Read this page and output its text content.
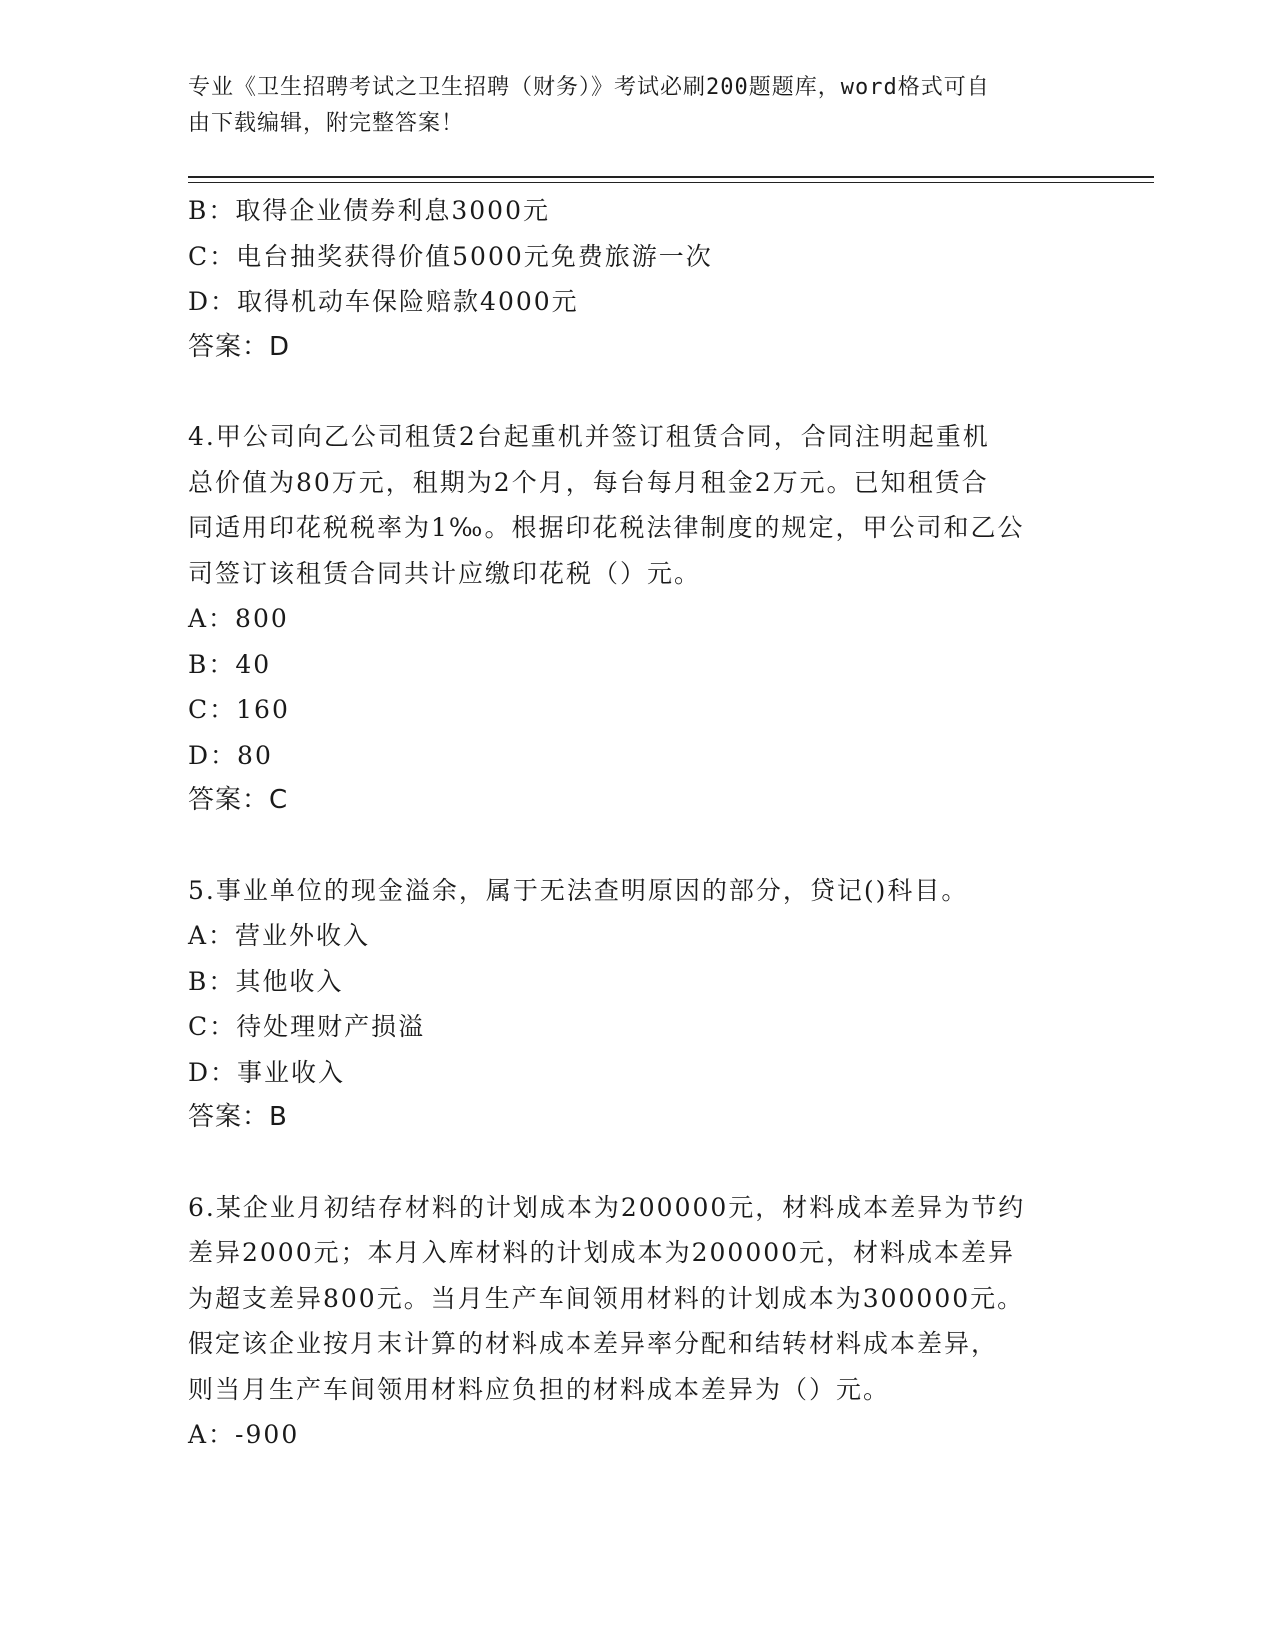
专业《卫生招聘考试之卫生招聘（财务）》考试必刷200题题库，word格式可自
由下载编辑，附完整答案！
B：取得企业债券利息3000元
C：电台抽奖获得价值5000元免费旅游一次
D：取得机动车保险赔款4000元
答案：D
4.甲公司向乙公司租赁2台起重机并签订租赁合同，合同注明起重机
总价值为80万元，租期为2个月，每台每月租金2万元。已知租赁合
同适用印花税税率为1‰。根据印花税法律制度的规定，甲公司和乙公
司签订该租赁合同共计应缴印花税（）元。
A：800
B：40
C：160
D：80
答案：C
5.事业单位的现金溢余，属于无法查明原因的部分，贷记()科目。
A：营业外收入
B：其他收入
C：待处理财产损溢
D：事业收入
答案：B
6.某企业月初结存材料的计划成本为200000元，材料成本差异为节约
差异2000元；本月入库材料的计划成本为200000元，材料成本差异
为超支差异800元。当月生产车间领用材料的计划成本为300000元。
假定该企业按月末计算的材料成本差异率分配和结转材料成本差异，
则当月生产车间领用材料应负担的材料成本差异为（）元。
A：-900
